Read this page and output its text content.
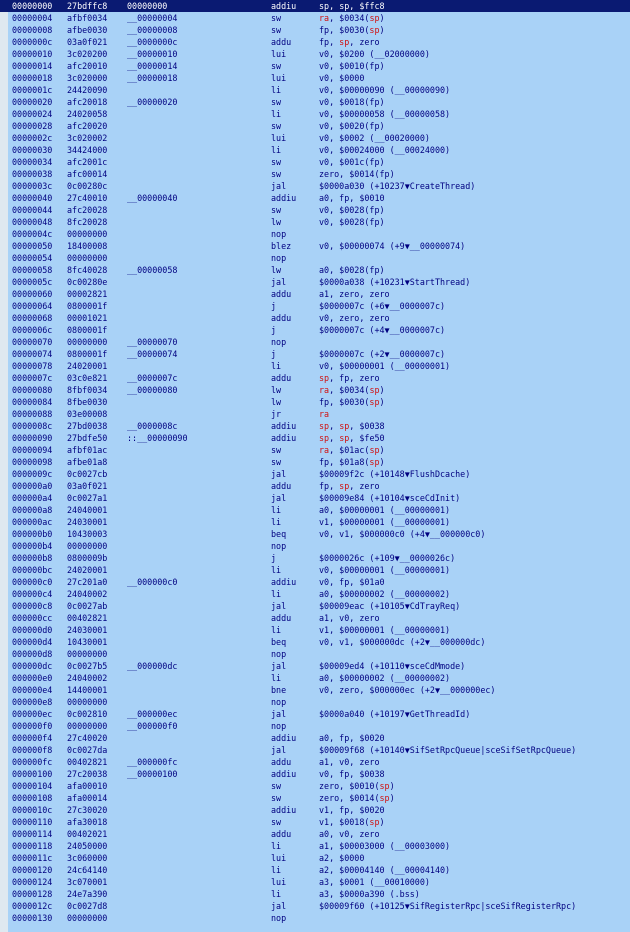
00000000 27bdffc8 00000000	addiu	sp, sp, $ffc8
00000004 afbf0034 __00000004	sw	ra, $0034(sp)
00000008 afbe0030 __00000008	sw	fp, $0030(sp)
0000000c 03a0f021 __0000000c	addu	fp, sp, zero
00000010 3c020200 __00000010	lui	v0, $0200 (__02000000)
00000014 afc20010 __00000014	sw	v0, $0010(fp)
00000018 3c020000 __00000018	lui	v0, $0000
0000001c 24420090	li	v0, $00000090 (__00000090)
00000020 afc20018 __00000020	sw	v0, $0018(fp)
00000024 24020058	li	v0, $00000058 (__00000058)
00000028 afc20020	sw	v0, $0020(fp)
0000002c 3c020002	lui	v0, $0002 (__00020000)
00000030 34424000	li	v0, $00024000 (__00024000)
00000034 afc2001c	sw	v0, $001c(fp)
00000038 afc00014	sw	zero, $0014(fp)
0000003c 0c00280c	jal	$0000a030 (+10237▼CreateThread)
00000040 27c40010 __00000040	addiu	a0, fp, $0010
00000044 afc20028	sw	v0, $0028(fp)
00000048 8fc20028	lw	v0, $0028(fp)
0000004c 00000000	nop
00000050 18400008	blez	v0, $00000074 (+9▼__00000074)
00000054 00000000	nop
00000058 8fc40028 __00000058	lw	a0, $0028(fp)
0000005c 0c00280e	jal	$0000a038 (+10231▼StartThread)
00000060 00002821	addu	a1, zero, zero
00000064 0800001f	j	$0000007c (+6▼__0000007c)
00000068 00001021	addu	v0, zero, zero
0000006c 0800001f	j	$0000007c (+4▼__0000007c)
00000070 00000000 __00000070	nop
00000074 0800001f __00000074	j	$0000007c (+2▼__0000007c)
00000078 24020001	li	v0, $00000001 (__00000001)
0000007c 03c0e821 __0000007c	addu	sp, fp, zero
00000080 8fbf0034 __00000080	lw	ra, $0034(sp)
00000084 8fbe0030	lw	fp, $0030(sp)
00000088 03e00008	jr	ra
0000008c 27bd0038 __0000008c	addiu	sp, sp, $0038
00000090 27bdfe50 ::__00000090	addiu	sp, sp, $fe50
00000094 afbf01ac	sw	ra, $01ac(sp)
00000098 afbe01a8	sw	fp, $01a8(sp)
0000009c 0c0027cb	jal	$00009f2c (+10148▼FlushDcache)
000000a0 03a0f021	addu	fp, sp, zero
000000a4 0c0027a1	jal	$00009e84 (+10104▼sceCdInit)
000000a8 24040001	li	a0, $00000001 (__00000001)
000000ac 24030001	li	v1, $00000001 (__00000001)
000000b0 10430003	beq	v0, v1, $000000c0 (+4▼__000000c0)
000000b4 00000000	nop
000000b8 0800009b	j	$0000026c (+109▼__0000026c)
000000bc 24020001	li	v0, $00000001 (__00000001)
000000c0 27c201a0 __000000c0	addiu	v0, fp, $01a0
000000c4 24040002	li	a0, $00000002 (__00000002)
000000c8 0c0027ab	jal	$00009eac (+10105▼CdTrayReq)
000000cc 00402821	addu	a1, v0, zero
000000d0 24030001	li	v1, $00000001 (__00000001)
000000d4 10430001	beq	v0, v1, $000000dc (+2▼__000000dc)
000000d8 00000000	nop
000000dc 0c0027b5 __000000dc	jal	$00009ed4 (+10110▼sceCdMmode)
000000e0 24040002	li	a0, $00000002 (__00000002)
000000e4 14400001	bne	v0, zero, $000000ec (+2▼__000000ec)
000000e8 00000000	nop
000000ec 0c002810 __000000ec	jal	$0000a040 (+10197▼GetThreadId)
000000f0 00000000 __000000f0	nop
000000f4 27c40020	addiu	a0, fp, $0020
000000f8 0c0027da	jal	$00009f68 (+10140▼SifSetRpcQueue|sceSifSetRpcQueue)
000000fc 00402821 __000000fc	addu	a1, v0, zero
00000100 27c20038 __00000100	addiu	v0, fp, $0038
00000104 afa00010	sw	zero, $0010(sp)
00000108 afa00014	sw	zero, $0014(sp)
0000010c 27c30020	addiu	v1, fp, $0020
00000110 afa30018	sw	v1, $0018(sp)
00000114 00402021	addu	a0, v0, zero
00000118 24050000	li	a1, $00003000 (__00003000)
0000011c 3c060000	lui	a2, $0000
00000120 24c64140	li	a2, $00004140 (__00004140)
00000124 3c070001	lui	a3, $0001 (__00010000)
00000128 24e7a390	li	a3, $0000a390 (.bss)
0000012c 0c0027d8	jal	$00009f60 (+10125▼SifRegisterRpc|sceSifRegisterRpc)
00000130 00000000	nop
